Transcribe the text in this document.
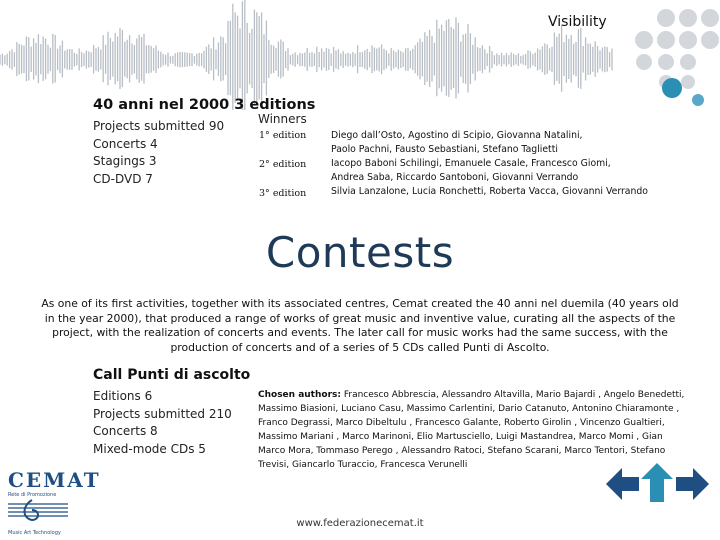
Visibility
40 anni nel 2000 3 editions
Projects submitted 90
Concerts 4
Stagings 3
CD-DVD 7
Winners
1° edition
2° edition
3° edition
Diego dall’Osto, Agostino di Scipio, Giovanna Natalini,
Paolo Pachni, Fausto Sebastiani, Stefano Taglietti
Iacopo Baboni Schilingi, Emanuele Casale, Francesco Giomi,
Andrea Saba, Riccardo Santoboni, Giovanni Verrando
Silvia Lanzalone, Lucia Ronchetti, Roberta Vacca, Giovanni Verrando
Contests
As one of its first activities, together with its associated centres, Cemat created the 40 anni nel duemila (40 years old in the year 2000), that produced a range of works of great music and inventive value, curating all the aspects of the project, with the realization of concerts and events. The later call for music works had the same success, with the production of concerts and of a series of 5 CDs called Punti di Ascolto.
Call Punti di ascolto
Editions 6
Projects submitted 210
Concerts 8
Mixed-mode CDs 5
Chosen authors: Francesco Abbrescia, Alessandro Altavilla, Mario Bajardi , Angelo Benedetti, Massimo Biasioni, Luciano Casu, Massimo Carlentini, Dario Catanuto, Antonino Chiaramonte , Franco Degrassi, Marco Dibeltulu , Francesco Galante, Roberto Girolin , Vincenzo Gualtieri, Massimo Mariani , Marco Marinoni, Elio Martusciello, Luigi Mastandrea, Marco Momi , Gian Marco Mora, Tommaso Perego , Alessandro Ratoci, Stefano Scarani, Marco Tentori, Stefano Trevisi, Giancarlo Turaccio, Francesca Verunelli
CEMAT
Rete di Promozione
Music Art Technology
www.federazionecemat.it
